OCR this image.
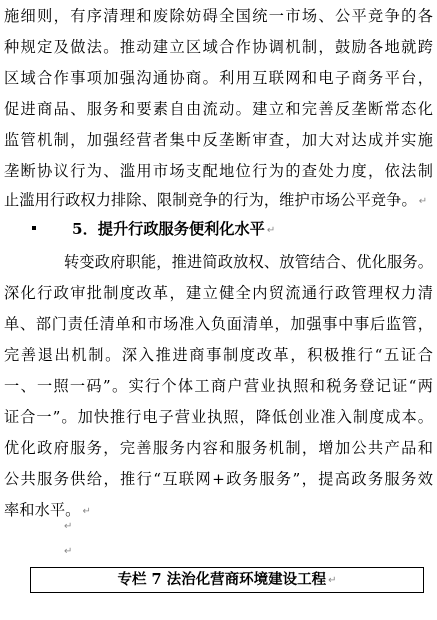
施细则，有序清理和废除妨碍全国统一市场、公平竞争的各
种规定及做法。推动建立区域合作协调机制，鼓励各地就跨
区域合作事项加强沟通协商。利用互联网和电子商务平台，
促进商品、服务和要素自由流动。建立和完善反垄断常态化
监管机制，加强经营者集中反垄断审查，加大对达成并实施
垄断协议行为、滥用市场支配地位行为的查处力度，依法制
止滥用行政权力排除、限制竞争的行为，维护市场公平竞争。 ↵
5．提升行政服务便利化水平 ↵
转变政府职能，推进简政放权、放管结合、优化服务。
深化行政审批制度改革，建立健全内贸流通行政管理权力清
单、部门责任清单和市场准入负面清单，加强事中事后监管，
完善退出机制。深入推进商事制度改革，积极推行“五证合
一、一照一码”。实行个体工商户营业执照和税务登记证“两
证合一”。加快推行电子营业执照，降低创业准入制度成本。
优化政府服务，完善服务内容和服务机制，增加公共产品和
公共服务供给，推行“互联网+政务服务”，提高政务服务效
率和水平。 ↵
↵
↵
专栏 7 法治化营商环境建设工程 ↵
